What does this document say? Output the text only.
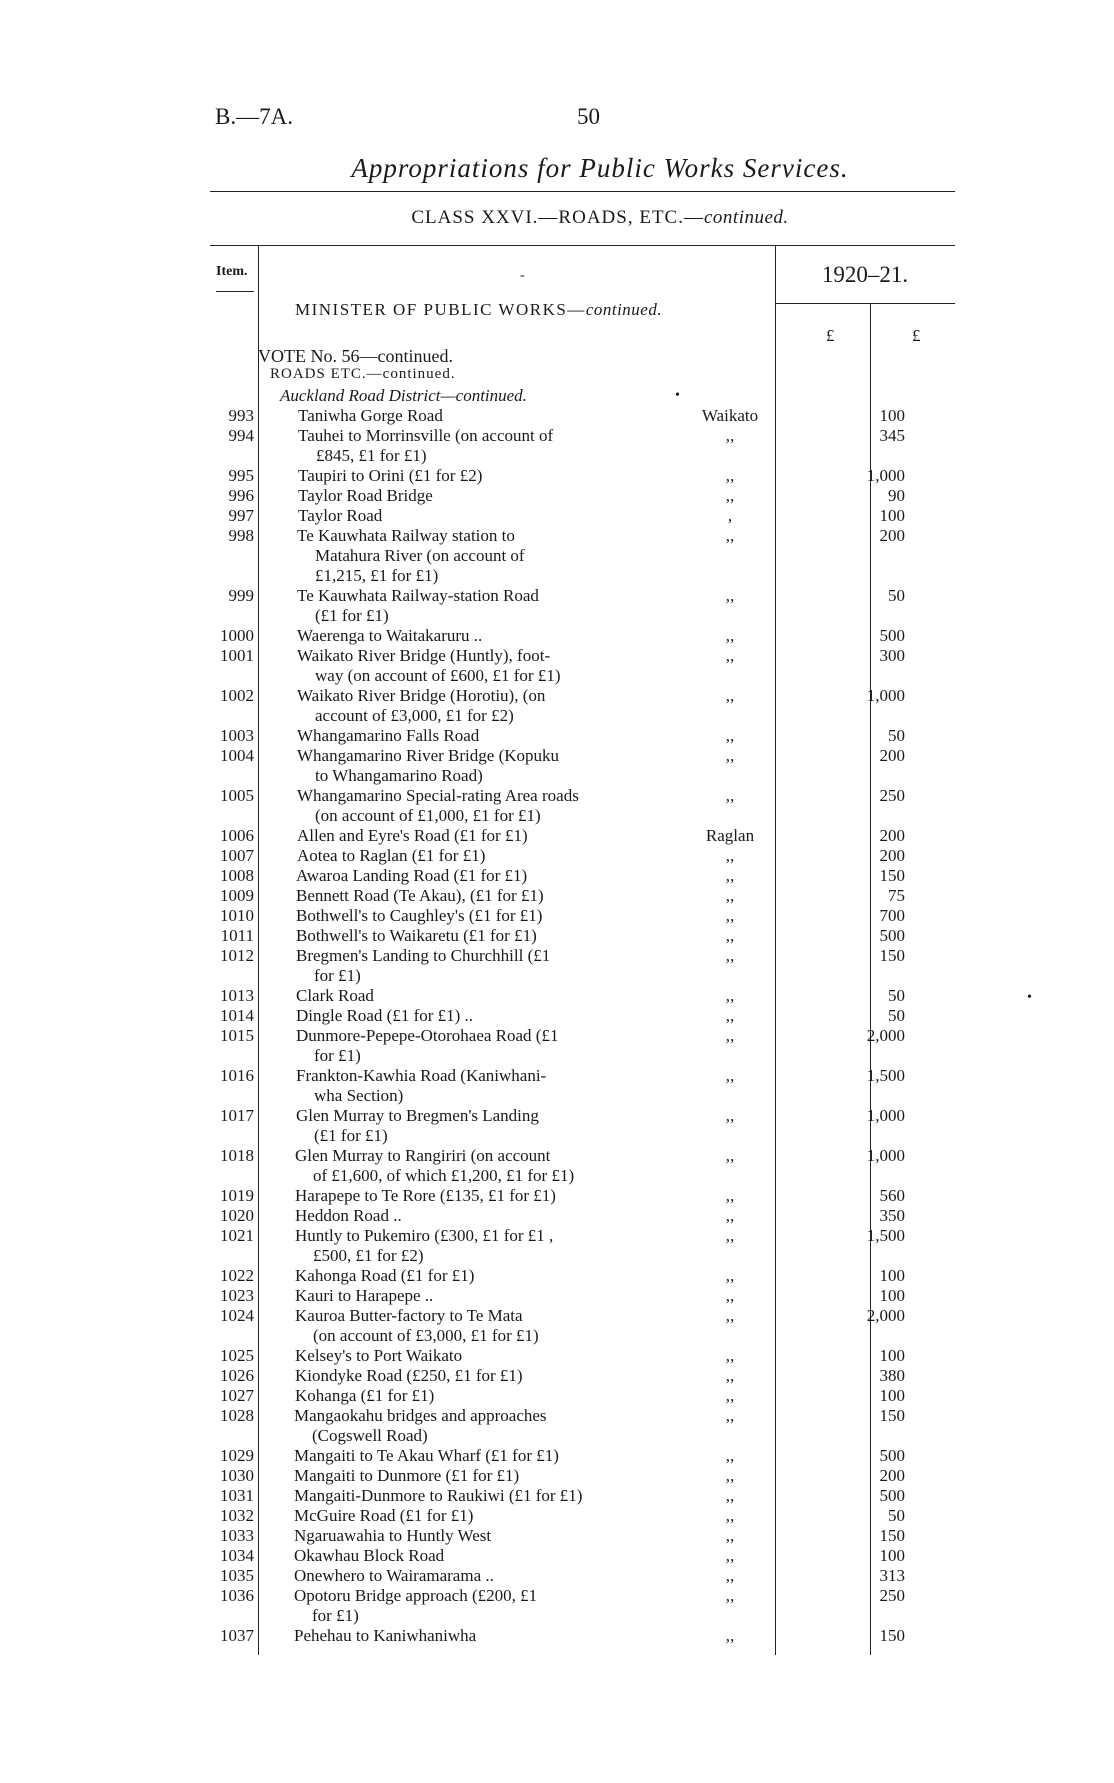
B.—7A.	50
Appropriations for Public Works Services.
CLASS XXVI.—ROADS, ETC.—continued.
Item.	-	1920–21.
£	£
MINISTER OF PUBLIC WORKS—continued.
VOTE No. 56—continued.
ROADS ETC.—continued.
Auckland Road District—continued.	•
•
993	Taniwha Gorge Road	Waikato	100
994	Tauhei to Morrinsville (on account of
£845, £1 for £1)
,,	345
995	Taupiri to Orini (£1 for £2)	,,	1,000
996	Taylor Road Bridge	,,	90
997	Taylor Road	,	100
998	Te Kauwhata Railway station to
Matahura River (on account of
£1,215, £1 for £1)
,,	200
999	Te Kauwhata Railway-station Road
(£1 for £1)
,,	50
1000	Waerenga to Waitakaruru ..	,,	500
1001	Waikato River Bridge (Huntly), foot-
way (on account of £600, £1 for £1)
,,	300
1002	Waikato River Bridge (Horotiu), (on
account of £3,000, £1 for £2)
,,	1,000
1003	Whangamarino Falls Road	,,	50
1004	Whangamarino River Bridge (Kopuku
to Whangamarino Road)
,,	200
1005	Whangamarino Special-rating Area roads
(on account of £1,000, £1 for £1)
,,	250
1006	Allen and Eyre's Road (£1 for £1)	Raglan	200
1007	Aotea to Raglan (£1 for £1)	,,	200
1008 Awaroa Landing Road (£1 for £1)	,,	150
1009 Bennett Road (Te Akau), (£1 for £1)	,,	75
1010 Bothwell's to Caughley's (£1 for £1)	,,	700
1011 Bothwell's to Waikaretu (£1 for £1)	,,	500
1012 Bregmen's Landing to Churchhill (£1
for £1)
,,	150
1013 Clark Road	,,	50
1014 Dingle Road (£1 for £1) ..	,,	50
1015 Dunmore-Pepepe-Otorohaea Road (£1
for £1)
,,	2,000
1016 Frankton-Kawhia Road (Kaniwhani-
wha Section)
,,	1,500
1017 Glen Murray to Bregmen's Landing
(£1 for £1)
,,	1,000
1018 Glen Murray to Rangiriri (on account
of £1,600, of which £1,200, £1 for £1)
,,	1,000
1019 Harapepe to Te Rore (£135, £1 for £1)	,,	560
1020 Heddon Road ..	,,	350
1021 Huntly to Pukemiro (£300, £1 for £1 ,
£500, £1 for £2)
,,	1,500
1022 Kahonga Road (£1 for £1)	,,	100
1023 Kauri to Harapepe ..	,,	100
1024 Kauroa Butter-factory to Te Mata
(on account of £3,000, £1 for £1)
,,	2,000
1025 Kelsey's to Port Waikato	,,	100
1026 Kiondyke Road (£250, £1 for £1)	,,	380
1027 Kohanga (£1 for £1)	,,	100
1028 Mangaokahu bridges and approaches
(Cogswell Road)
,,	150
1029 Mangaiti to Te Akau Wharf (£1 for £1)	,,	500
1030 Mangaiti to Dunmore (£1 for £1)	,,	200
1031 Mangaiti-Dunmore to Raukiwi (£1 for £1)	,,	500
1032 McGuire Road (£1 for £1)	,,	50
1033 Ngaruawahia to Huntly West	,,	150
1034 Okawhau Block Road	,,	100
1035 Onewhero to Wairamarama ..	,,	313
1036 Opotoru Bridge approach (£200, £1
for £1)
,,	250
1037 Pehehau to Kaniwhaniwha	,,	150
